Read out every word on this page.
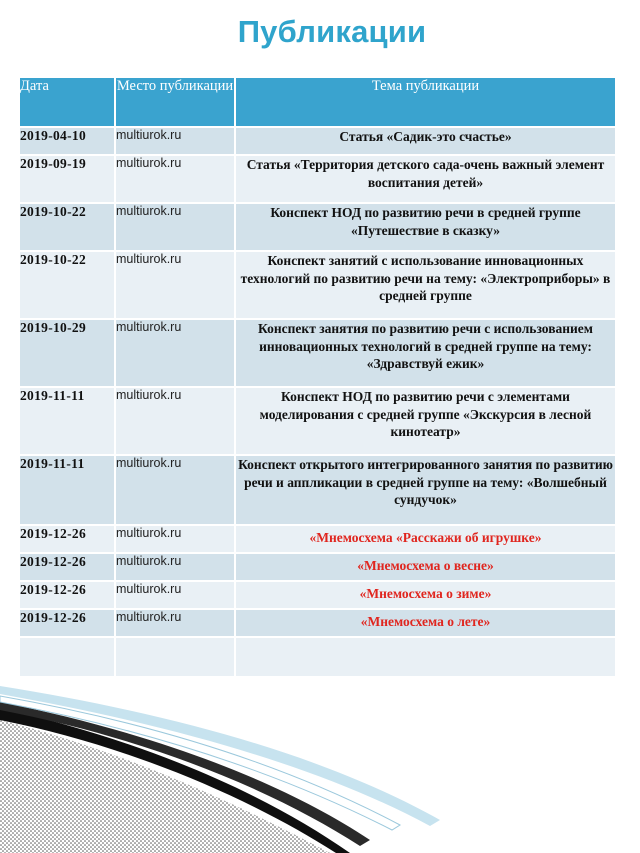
Публикации
Дата	Место публикации	Тема публикации
2019-04-10	multiurok.ru	Статья «Садик-это счастье»
2019-09-19	multiurok.ru	Статья «Территория детского сада-очень важный элемент воспитания детей»
2019-10-22	multiurok.ru	Конспект НОД по развитию речи в средней группе «Путешествие в сказку»
2019-10-22	multiurok.ru	Конспект занятий с использование инновационных технологий по развитию речи на тему: «Электроприборы» в средней группе
2019-10-29	multiurok.ru	Конспект занятия по развитию речи с использованием инновационных технологий в средней группе на тему: «Здравствуй ежик»
2019-11-11	multiurok.ru	Конспект НОД по развитию речи с элементами моделирования с средней группе «Экскурсия в лесной кинотеатр»
2019-11-11	multiurok.ru	Конспект открытого интегрированного занятия по развитию речи и аппликации в средней группе на тему: «Волшебный сундучок»
2019-12-26	multiurok.ru	«Мнемосхема «Расскажи об игрушке»
2019-12-26	multiurok.ru	«Мнемосхема о весне»
2019-12-26	multiurok.ru	«Мнемосхема о зиме»
2019-12-26	multiurok.ru	«Мнемосхема о лете»
